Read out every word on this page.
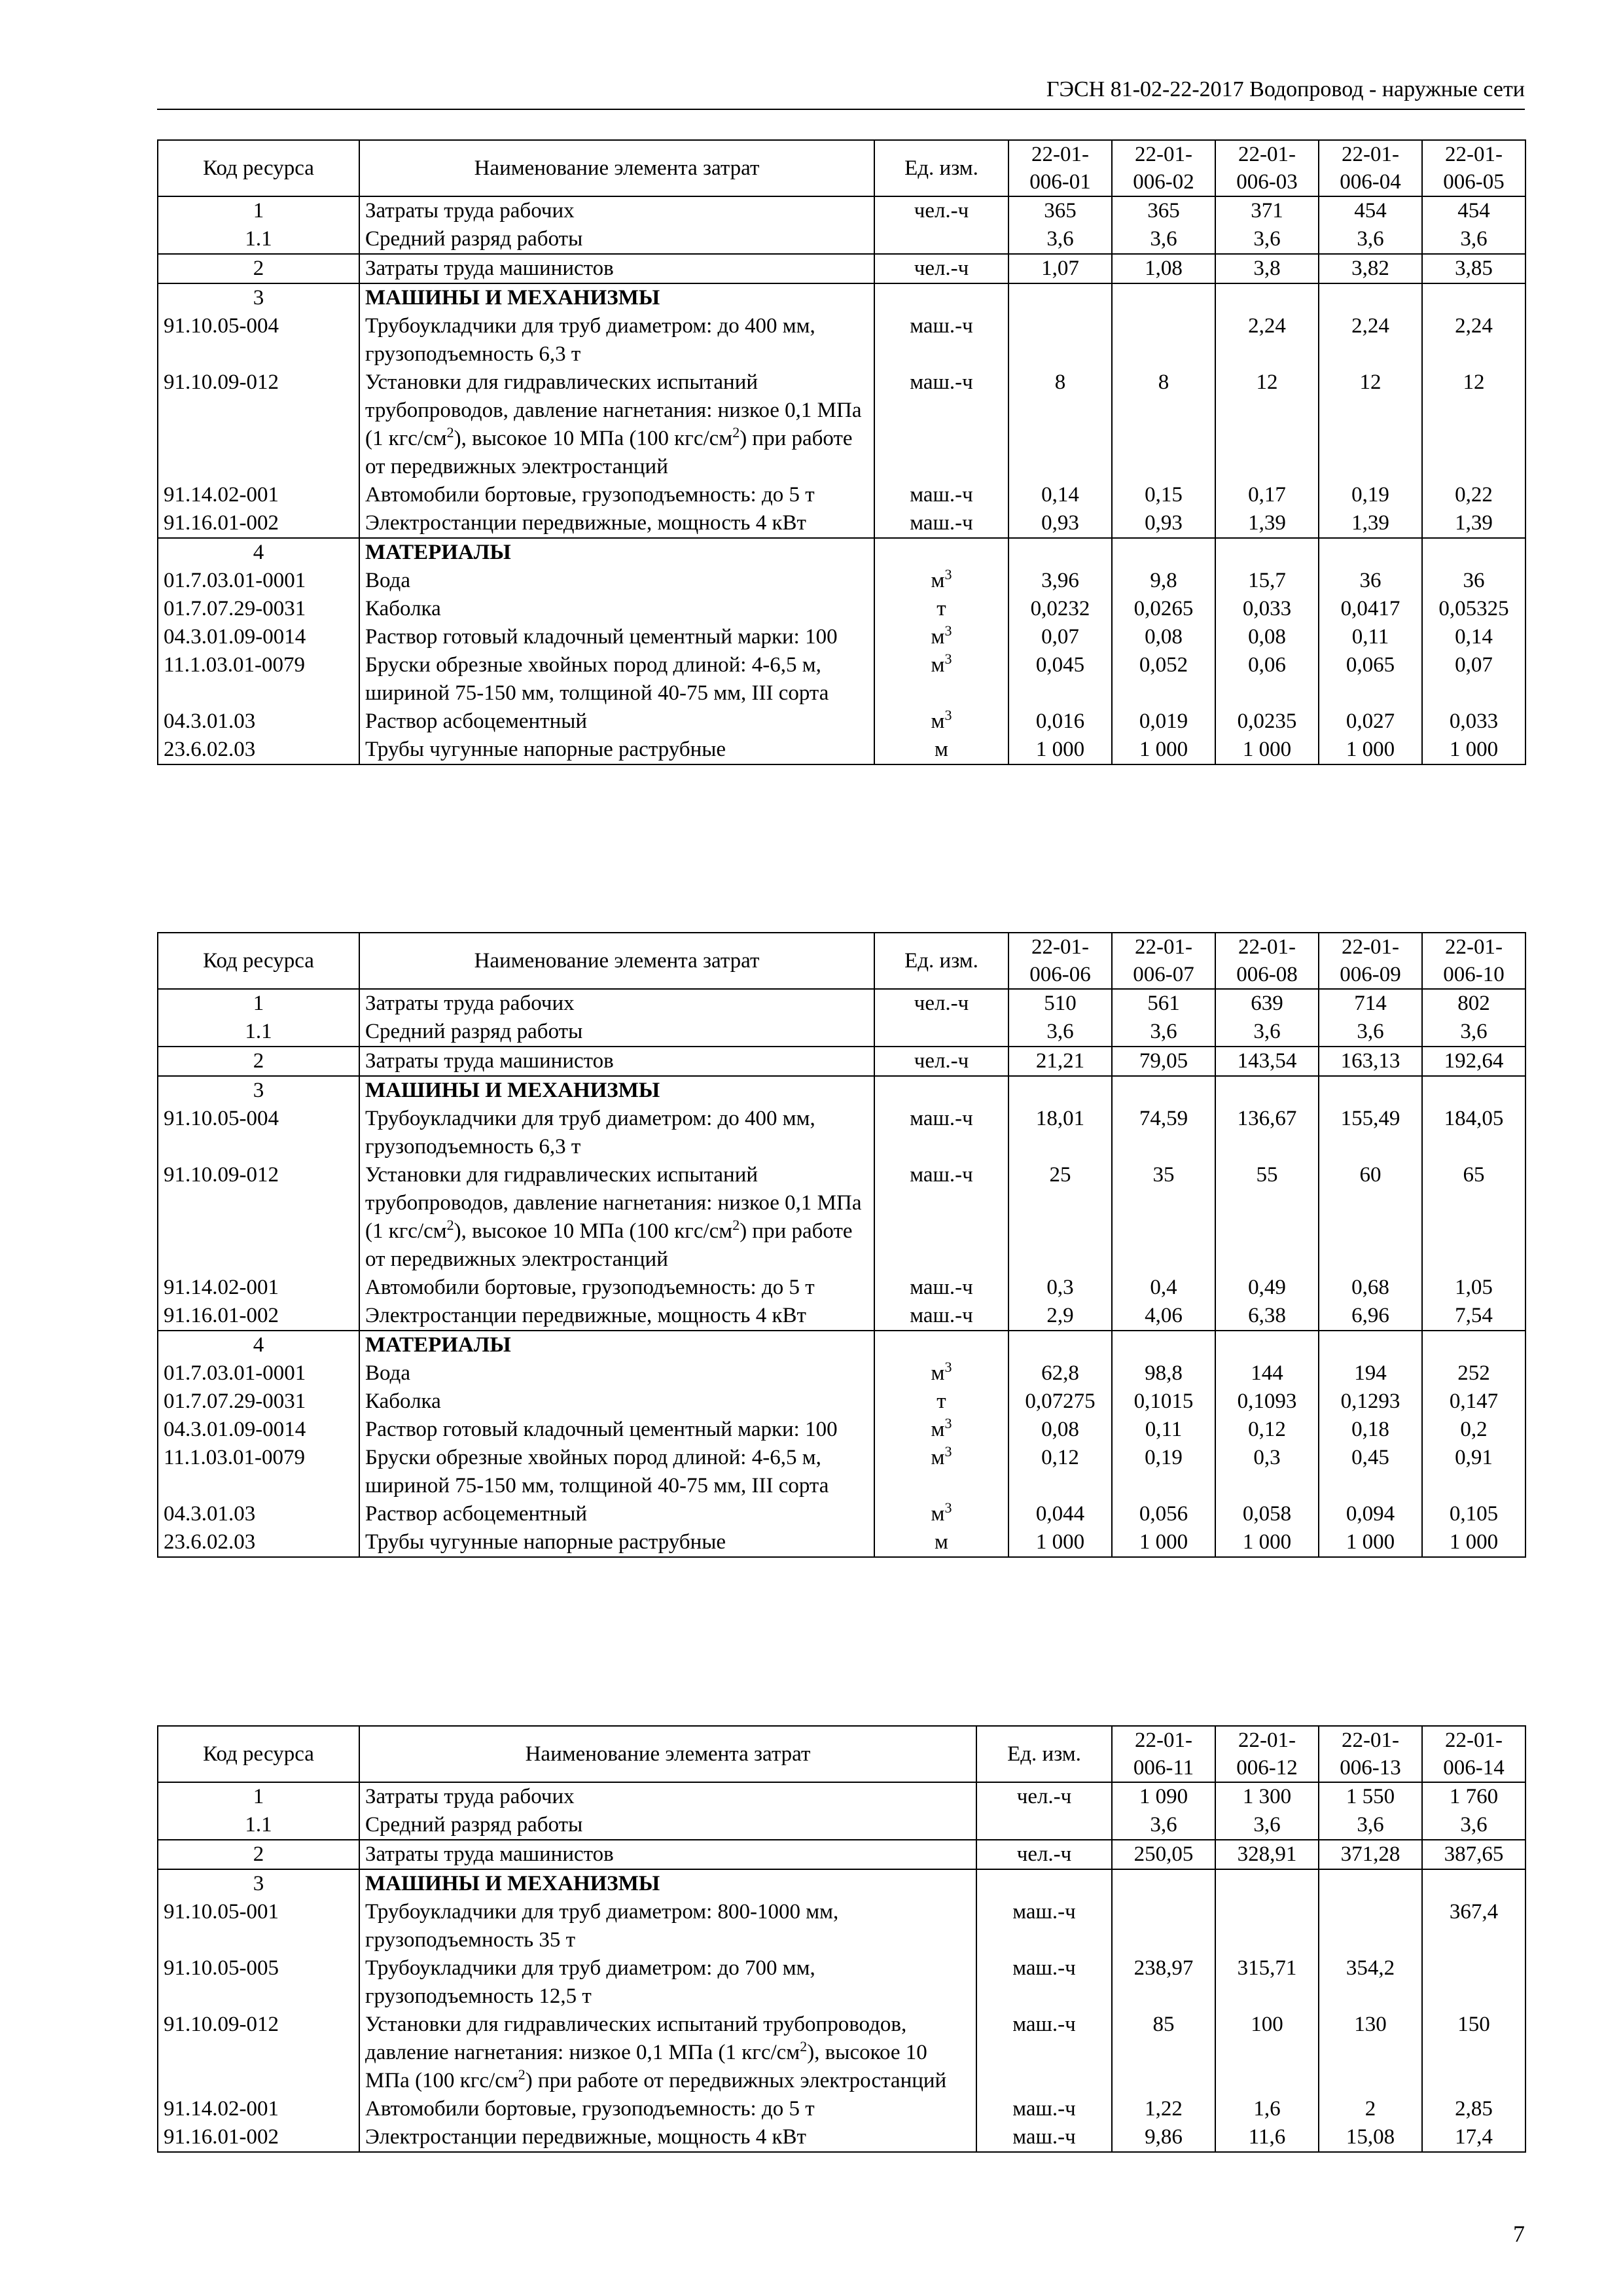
ГЭСН 81-02-22-2017 Водопровод - наружные сети
Код ресурса	Наименование элемента затрат	Ед. изм.	22-01-006-01	22-01-006-02	22-01-006-03	22-01-006-04	22-01-006-05
1	Затраты труда рабочих	чел.-ч	365	365	371	454	454
1.1	Средний разряд работы		3,6	3,6	3,6	3,6	3,6
2	Затраты труда машинистов	чел.-ч	1,07	1,08	3,8	3,82	3,85
3	МАШИНЫ И МЕХАНИЗМЫ						
91.10.05-004	Трубоукладчики для труб диаметром: до 400 мм, грузоподъемность 6,3 т	маш.-ч			2,24	2,24	2,24
91.10.09-012	Установки для гидравлических испытаний трубопроводов, давление нагнетания: низкое 0,1 МПа (1 кгс/$см^2$), высокое 10 МПа (100 кгс/$см^2$) при работе от передвижных электростанций	маш.-ч	8	8	12	12	12
91.14.02-001	Автомобили бортовые, грузоподъемность: до 5 т	маш.-ч	0,14	0,15	0,17	0,19	0,22
91.16.01-002	Электростанции передвижные, мощность 4 кВт	маш.-ч	0,93	0,93	1,39	1,39	1,39
4	МАТЕРИАЛЫ						
01.7.03.01-0001	Вода	$м^3$	3,96	9,8	15,7	36	36
01.7.07.29-0031	Каболка	т	0,0232	0,0265	0,033	0,0417	0,05325
04.3.01.09-0014	Раствор готовый кладочный цементный марки: 100	$м^3$	0,07	0,08	0,08	0,11	0,14
11.1.03.01-0079	Бруски обрезные хвойных пород длиной: 4-6,5 м, шириной 75-150 мм, толщиной 40-75 мм, III сорта	$м^3$	0,045	0,052	0,06	0,065	0,07
04.3.01.03	Раствор асбоцементный	$м^3$	0,016	0,019	0,0235	0,027	0,033
23.6.02.03	Трубы чугунные напорные раструбные	м	1 000	1 000	1 000	1 000	1 000
Код ресурса	Наименование элемента затрат	Ед. изм.	22-01-006-06	22-01-006-07	22-01-006-08	22-01-006-09	22-01-006-10
1	Затраты труда рабочих	чел.-ч	510	561	639	714	802
1.1	Средний разряд работы		3,6	3,6	3,6	3,6	3,6
2	Затраты труда машинистов	чел.-ч	21,21	79,05	143,54	163,13	192,64
3	МАШИНЫ И МЕХАНИЗМЫ						
91.10.05-004	Трубоукладчики для труб диаметром: до 400 мм, грузоподъемность 6,3 т	маш.-ч	18,01	74,59	136,67	155,49	184,05
91.10.09-012	Установки для гидравлических испытаний трубопроводов, давление нагнетания: низкое 0,1 МПа (1 кгс/$см^2$), высокое 10 МПа (100 кгс/$см^2$) при работе от передвижных электростанций	маш.-ч	25	35	55	60	65
91.14.02-001	Автомобили бортовые, грузоподъемность: до 5 т	маш.-ч	0,3	0,4	0,49	0,68	1,05
91.16.01-002	Электростанции передвижные, мощность 4 кВт	маш.-ч	2,9	4,06	6,38	6,96	7,54
4	МАТЕРИАЛЫ						
01.7.03.01-0001	Вода	$м^3$	62,8	98,8	144	194	252
01.7.07.29-0031	Каболка	т	0,07275	0,1015	0,1093	0,1293	0,147
04.3.01.09-0014	Раствор готовый кладочный цементный марки: 100	$м^3$	0,08	0,11	0,12	0,18	0,2
11.1.03.01-0079	Бруски обрезные хвойных пород длиной: 4-6,5 м, шириной 75-150 мм, толщиной 40-75 мм, III сорта	$м^3$	0,12	0,19	0,3	0,45	0,91
04.3.01.03	Раствор асбоцементный	$м^3$	0,044	0,056	0,058	0,094	0,105
23.6.02.03	Трубы чугунные напорные раструбные	м	1 000	1 000	1 000	1 000	1 000
Код ресурса	Наименование элемента затрат	Ед. изм.	22-01-006-11	22-01-006-12	22-01-006-13	22-01-006-14
1	Затраты труда рабочих	чел.-ч	1 090	1 300	1 550	1 760
1.1	Средний разряд работы		3,6	3,6	3,6	3,6
2	Затраты труда машинистов	чел.-ч	250,05	328,91	371,28	387,65
3	МАШИНЫ И МЕХАНИЗМЫ					
91.10.05-001	Трубоукладчики для труб диаметром: 800-1000 мм, грузоподъемность 35 т	маш.-ч				367,4
91.10.05-005	Трубоукладчики для труб диаметром: до 700 мм, грузоподъемность 12,5 т	маш.-ч	238,97	315,71	354,2	
91.10.09-012	Установки для гидравлических испытаний трубопроводов, давление нагнетания: низкое 0,1 МПа (1 кгс/$см^2$), высокое 10 МПа (100 кгс/$см^2$) при работе от передвижных электростанций	маш.-ч	85	100	130	150
91.14.02-001	Автомобили бортовые, грузоподъемность: до 5 т	маш.-ч	1,22	1,6	2	2,85
91.16.01-002	Электростанции передвижные, мощность 4 кВт	маш.-ч	9,86	11,6	15,08	17,4
7
